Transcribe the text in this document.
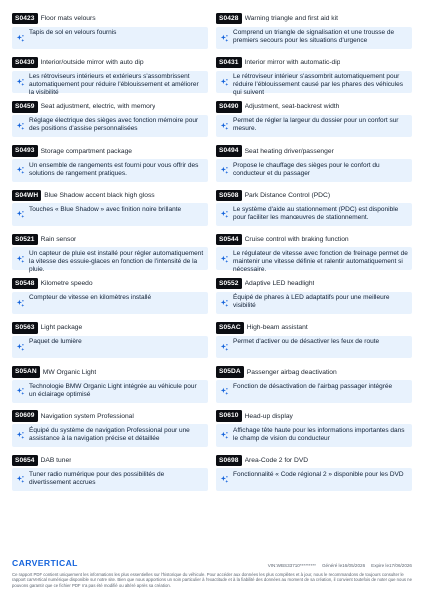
S0423 Floor mats velours
Tapis de sol en velours fournis
S0428 Warning triangle and first aid kit
Comprend un triangle de signalisation et une trousse de premiers secours pour les situations d'urgence
S0430 Interior/outside mirror with auto dip
Les rétroviseurs intérieurs et extérieurs s'assombrissent automatiquement pour réduire l'éblouissement et améliorer la visibilité
S0431 Interior mirror with automatic-dip
Le rétroviseur intérieur s'assombrit automatiquement pour réduire l'éblouissement causé par les phares des véhicules qui suivent
S0459 Seat adjustment, electric, with memory
Réglage électrique des sièges avec fonction mémoire pour des positions d'assise personnalisées
S0490 Adjustment, seat-backrest width
Permet de régler la largeur du dossier pour un confort sur mesure.
S0493 Storage compartment package
Un ensemble de rangements est fourni pour vous offrir des solutions de rangement pratiques.
S0494 Seat heating driver/passenger
Propose le chauffage des sièges pour le confort du conducteur et du passager
S04WH Blue Shadow accent black high gloss
Touches « Blue Shadow » avec finition noire brillante
S0508 Park Distance Control (PDC)
Le système d'aide au stationnement (PDC) est disponible pour faciliter les manœuvres de stationnement.
S0521 Rain sensor
Un capteur de pluie est installé pour régler automatiquement la vitesse des essuie-glaces en fonction de l'intensité de la pluie.
S0544 Cruise control with braking function
Le régulateur de vitesse avec fonction de freinage permet de maintenir une vitesse définie et ralentir automatiquement si nécessaire.
S0548 Kilometre speedo
Compteur de vitesse en kilomètres installé
S0552 Adaptive LED headlight
Équipé de phares à LED adaptatifs pour une meilleure visibilité
S0563 Light package
Paquet de lumière
S05AC High-beam assistant
Permet d'activer ou de désactiver les feux de route
S05AN MW Organic Light
Technologie BMW Organic Light intégrée au véhicule pour un éclairage optimisé
S05DA Passenger airbag deactivation
Fonction de désactivation de l'airbag passager intégrée
S0609 Navigation system Professional
Équipé du système de navigation Professional pour une assistance à la navigation précise et détaillée
S0610 Head-up display
Affichage tête haute pour les informations importantes dans le champ de vision du conducteur
S0654 DAB tuner
Tuner radio numérique pour des possibilités de divertissement accrues
S0698 Area-Code 2 for DVD
Fonctionnalité « Code régional 2 » disponible pour les DVD
CARVERTICAL	VIN:WBS33710********* Généré le16/05/2026 Expire le17/06/2026
Ce rapport PDF contient uniquement les informations les plus essentielles sur l'historique du véhicule. Pour accéder aux données les plus complètes et à jour, nous le recommandons de toujours consulter le rapport carVertical numérique disponible sur notre site. Bien que nous apportions un soin particulier à l'exactitude et à la fiabilité des données au moment de sa création, il convient toutefois de noter que nous ne pouvons garantir que ce fichier PDF n'a pas été modifié ou altéré après sa création.
